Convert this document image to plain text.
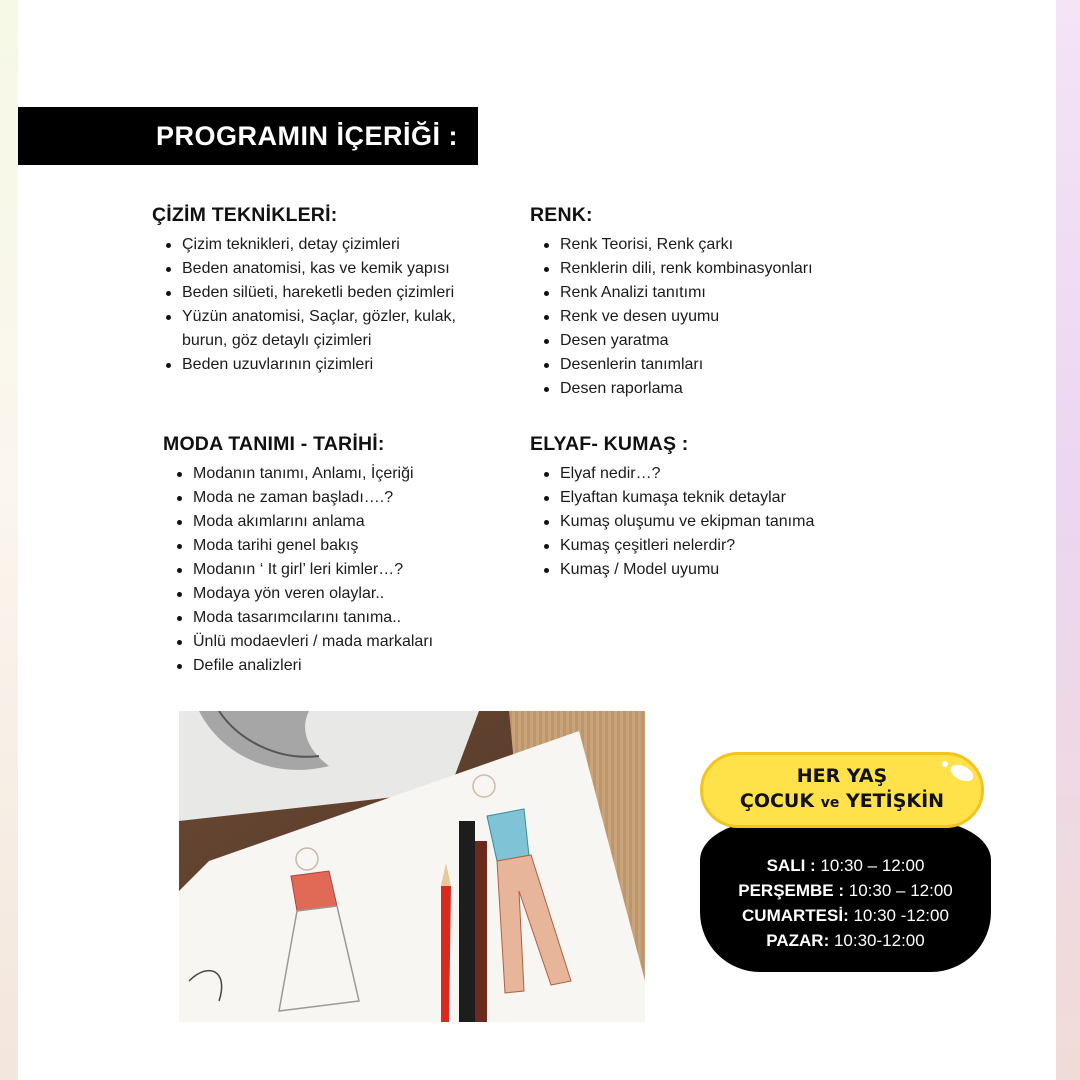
PROGRAMIN İÇERİĞİ :
ÇİZİM TEKNİKLERİ:
Çizim teknikleri, detay çizimleri
Beden anatomisi, kas ve kemik yapısı
Beden silüeti, hareketli beden çizimleri
Yüzün anatomisi, Saçlar, gözler, kulak,
burun, göz detaylı çizimleri
Beden uzuvlarının çizimleri
RENK:
Renk Teorisi, Renk çarkı
Renklerin dili, renk kombinasyonları
Renk Analizi tanıtımı
Renk ve desen uyumu
Desen yaratma
Desenlerin tanımları
Desen raporlama
MODA TANIMI - TARİHİ:
Modanın tanımı, Anlamı, İçeriği
Moda ne zaman başladı….?
Moda akımlarını anlama
Moda tarihi genel bakış
Modanın ‘ It girl’ leri kimler…?
Modaya yön veren olaylar..
Moda tasarımcılarını tanıma..
Ünlü modaevleri / mada markaları
Defile analizleri
ELYAF- KUMAŞ :
Elyaf nedir…?
Elyaftan kumaşa teknik detaylar
Kumaş oluşumu ve ekipman tanıma
Kumaş çeşitleri nelerdir?
Kumaş / Model uyumu
HER YAŞ
ÇOCUK ve YETİŞKİN
SALI : 10:30 – 12:00
PERŞEMBE : 10:30 – 12:00
CUMARTESİ: 10:30 -12:00
PAZAR: 10:30-12:00
